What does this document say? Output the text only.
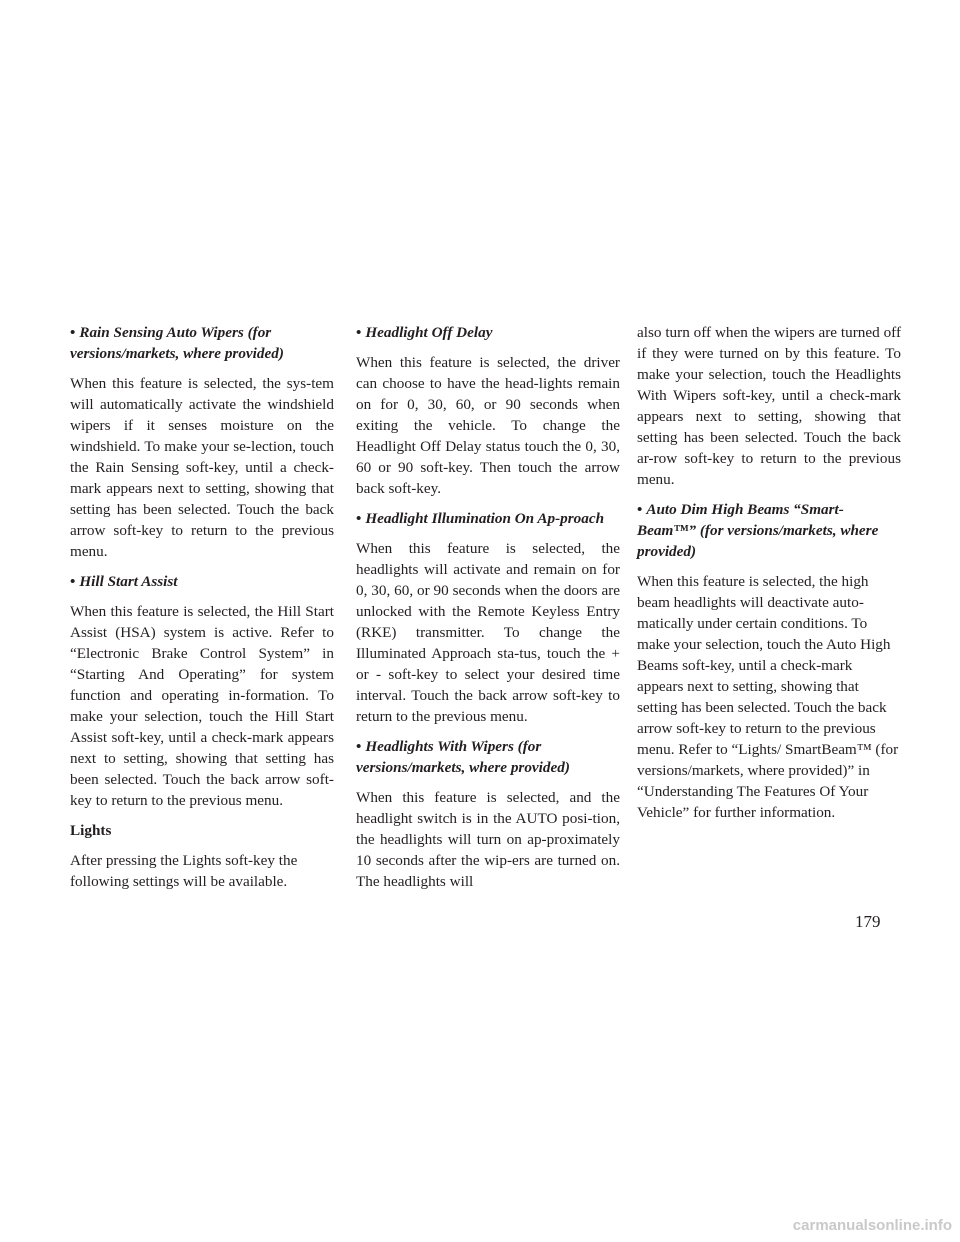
• Rain Sensing Auto Wipers (for versions/markets, where provided)

When this feature is selected, the sys-tem will automatically activate the windshield wipers if it senses moisture on the windshield. To make your se-lection, touch the Rain Sensing soft-key, until a check-mark appears next to setting, showing that setting has been selected. Touch the back arrow soft-key to return to the previous menu.

• Hill Start Assist

When this feature is selected, the Hill Start Assist (HSA) system is active. Refer to “Electronic Brake Control System” in “Starting And Operating” for system function and operating in-formation. To make your selection, touch the Hill Start Assist soft-key, until a check-mark appears next to setting, showing that setting has been selected. Touch the back arrow soft-key to return to the previous menu.

Lights

After pressing the Lights soft-key the following settings will be available.

• Headlight Off Delay

When this feature is selected, the driver can choose to have the head-lights remain on for 0, 30, 60, or 90 seconds when exiting the vehicle. To change the Headlight Off Delay status touch the 0, 30, 60 or 90 soft-key. Then touch the arrow back soft-key.

• Headlight Illumination On Ap-proach

When this feature is selected, the headlights will activate and remain on for 0, 30, 60, or 90 seconds when the doors are unlocked with the Remote Keyless Entry (RKE) transmitter. To change the Illuminated Approach sta-tus, touch the + or - soft-key to select your desired time interval. Touch the back arrow soft-key to return to the previous menu.

• Headlights With Wipers (for versions/markets, where provided)

When this feature is selected, and the headlight switch is in the AUTO posi-tion, the headlights will turn on ap-proximately 10 seconds after the wip-ers are turned on. The headlights will

also turn off when the wipers are turned off if they were turned on by this feature. To make your selection, touch the Headlights With Wipers soft-key, until a check-mark appears next to setting, showing that setting has been selected. Touch the back ar-row soft-key to return to the previous menu.

• Auto Dim High Beams “Smart-Beam™” (for versions/markets, where provided)

When this feature is selected, the high beam headlights will deactivate auto-matically under certain conditions. To make your selection, touch the Auto High Beams soft-key, until a check-mark appears next to setting, showing that setting has been selected. Touch the back arrow soft-key to return to the previous menu. Refer to “Lights/ SmartBeam™ (for versions/markets, where provided)” in “Understanding The Features Of Your Vehicle” for further information.

179
carmanualsonline.info
